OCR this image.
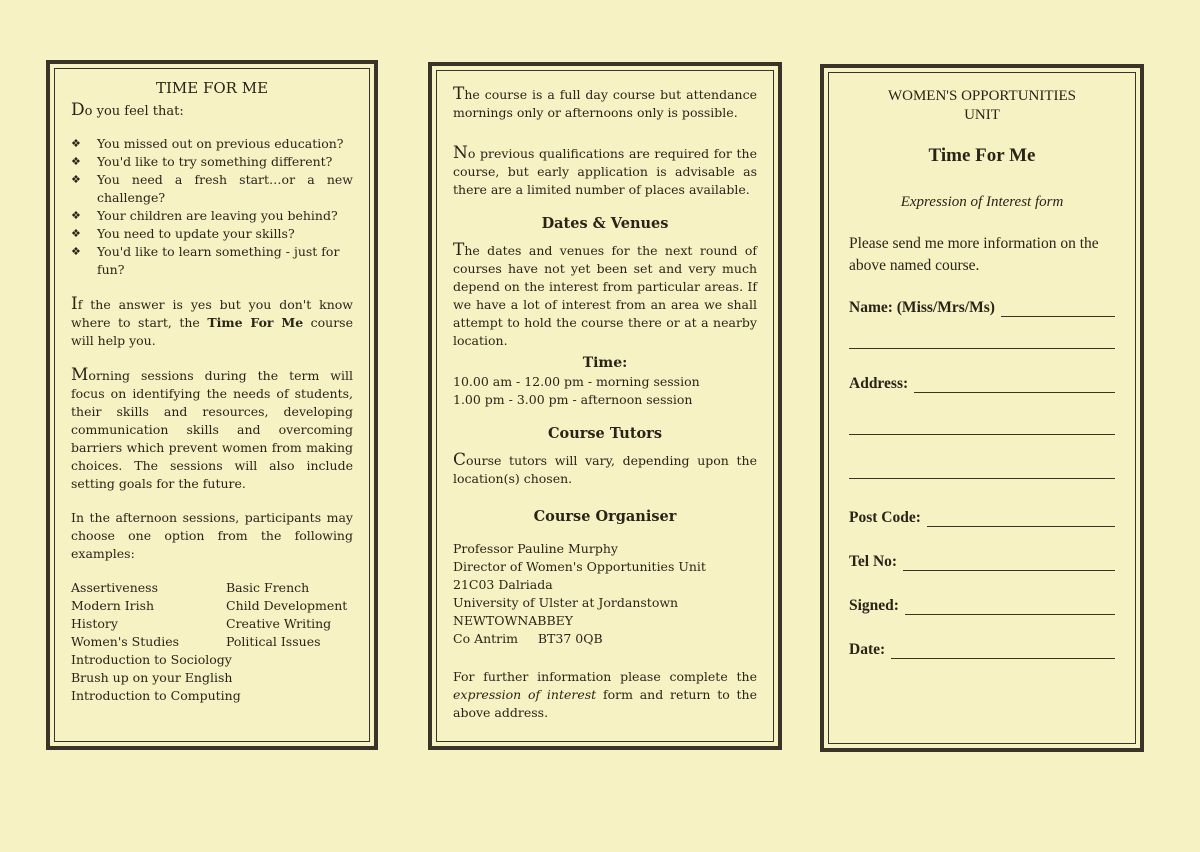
TIME FOR ME

Do you feel that:

❖ You missed out on previous education?
❖ You'd like to try something different?
❖ You need a fresh start…or a new challenge?
❖ Your children are leaving you behind?
❖ You need to update your skills?
❖ You'd like to learn something - just for fun?

If the answer is yes but you don't know where to start, the Time For Me course will help you.

Morning sessions during the term will focus on identifying the needs of students, their skills and resources, developing communication skills and overcoming barriers which prevent women from making choices. The sessions will also include setting goals for the future.

In the afternoon sessions, participants may choose one option from the following examples:

Assertiveness
Modern Irish
History
Women's Studies
Basic French
Child Development
Creative Writing
Political Issues
Introduction to Sociology
Brush up on your English
Introduction to Computing

The course is a full day course but attendance mornings only or afternoons only is possible.

No previous qualifications are required for the course, but early application is advisable as there are a limited number of places available.

Dates & Venues

The dates and venues for the next round of courses have not yet been set and very much depend on the interest from particular areas. If we have a lot of interest from an area we shall attempt to hold the course there or at a nearby location.

Time:
10.00 am - 12.00 pm - morning session
1.00 pm - 3.00 pm - afternoon session
Course Tutors

Course tutors will vary, depending upon the location(s) chosen.

Course Organiser
Professor Pauline Murphy
Director of Women's Opportunities Unit
21C03 Dalriada
University of Ulster at Jordanstown
NEWTOWNABBEY
Co Antrim     BT37 0QB

For further information please complete the expression of interest form and return to the above address.

WOMEN'S OPPORTUNITIES
UNIT
Time For Me
Expression of Interest form
Please send me more information on the above named course.
Name: (Miss/Mrs/Ms)
Address:
Post Code:
Tel No:
Signed:
Date:
